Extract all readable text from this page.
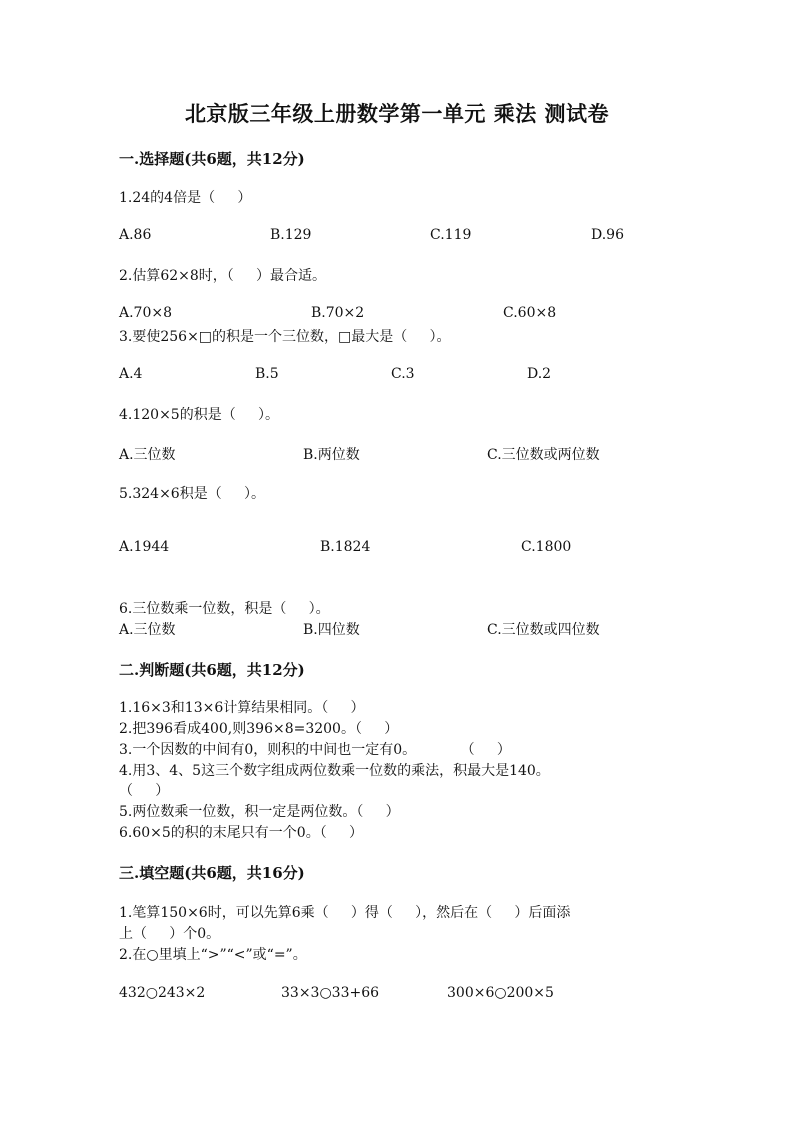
北京版三年级上册数学第一单元 乘法 测试卷
一.选择题(共6题，共12分)
1.24的4倍是（     ）
A.86	B.129	C.119	D.96
2.估算62×8时，（     ）最合适。
A.70×8	B.70×2	C.60×8
3.要使256×□的积是一个三位数，□最大是（     ）。
A.4	B.5	C.3	D.2
4.120×5的积是（     ）。
A.三位数	B.两位数	C.三位数或两位数
5.324×6积是（     ）。
A.1944	B.1824	C.1800
6.三位数乘一位数，积是（     ）。
A.三位数	B.四位数	C.三位数或四位数
二.判断题(共6题，共12分)
1.16×3和13×6计算结果相同。（     ）
2.把396看成400,则396×8=3200。（     ）
3.一个因数的中间有0，则积的中间也一定有0。          （     ）
4.用3、4、5这三个数字组成两位数乘一位数的乘法，积最大是140。
（     ）
5.两位数乘一位数，积一定是两位数。（     ）
6.60×5的积的末尾只有一个0。（     ）
三.填空题(共6题，共16分)
1.笔算150×6时，可以先算6乘（     ）得（     ），然后在（     ）后面添
上（     ）个0。
2.在○里填上“>”“<”或“=”。
432○243×2	33×3○33+66	300×6○200×5
